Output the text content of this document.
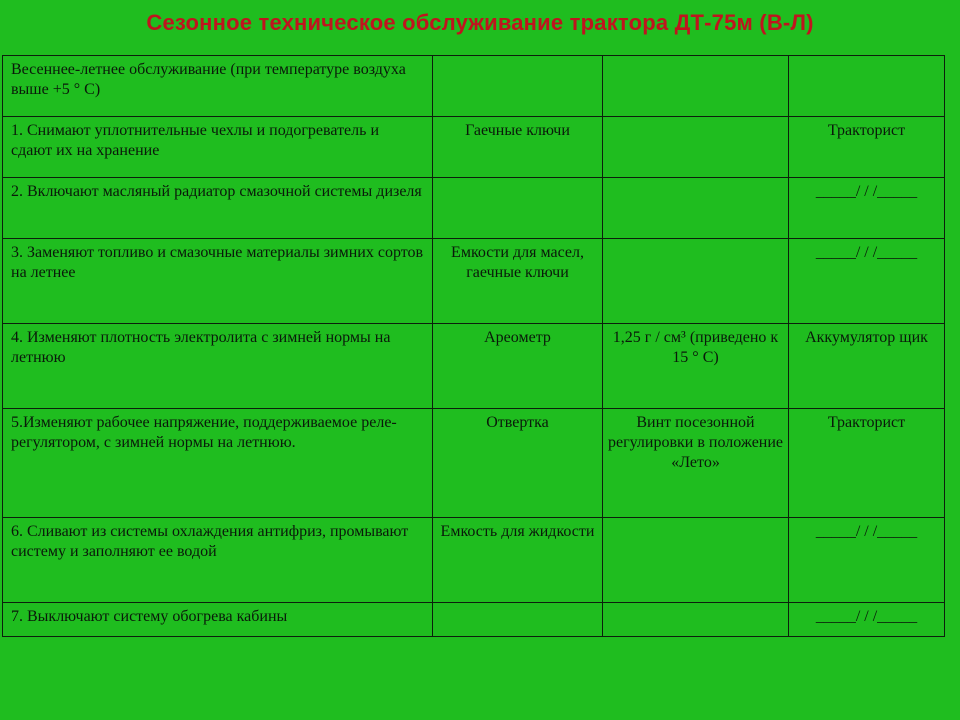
Сезонное техническое обслуживание трактора ДТ-75м (В-Л)
Весеннее-летнее обслуживание (при температуре воздуха выше +5 ° С)			
1. Снимают уплотнительные чехлы и подогреватель и сдают их на хранение	Гаечные ключи		Тракторист
2. Включают масляный радиатор смазочной системы дизеля			_____/ / /_____
3. Заменяют топливо и смазочные материалы зимних сортов на летнее	Емкости для масел, гаечные ключи		_____/ / /_____
4. Изменяют плотность электролита с зимней нормы на летнюю	Ареометр	1,25 г / см³ (приведено к 15 ° С)	Аккумулятор щик
5.Изменяют рабочее напряжение, поддерживаемое реле-регулятором, с зимней нормы на летнюю.	Отвертка	Винт посезонной регулировки в положение «Лето»	Тракторист
6. Сливают из системы охлаждения антифриз, промывают систему и заполняют ее водой	Емкость для жидкости		_____/ / /_____
7. Выключают систему обогрева кабины			_____/ / /_____
